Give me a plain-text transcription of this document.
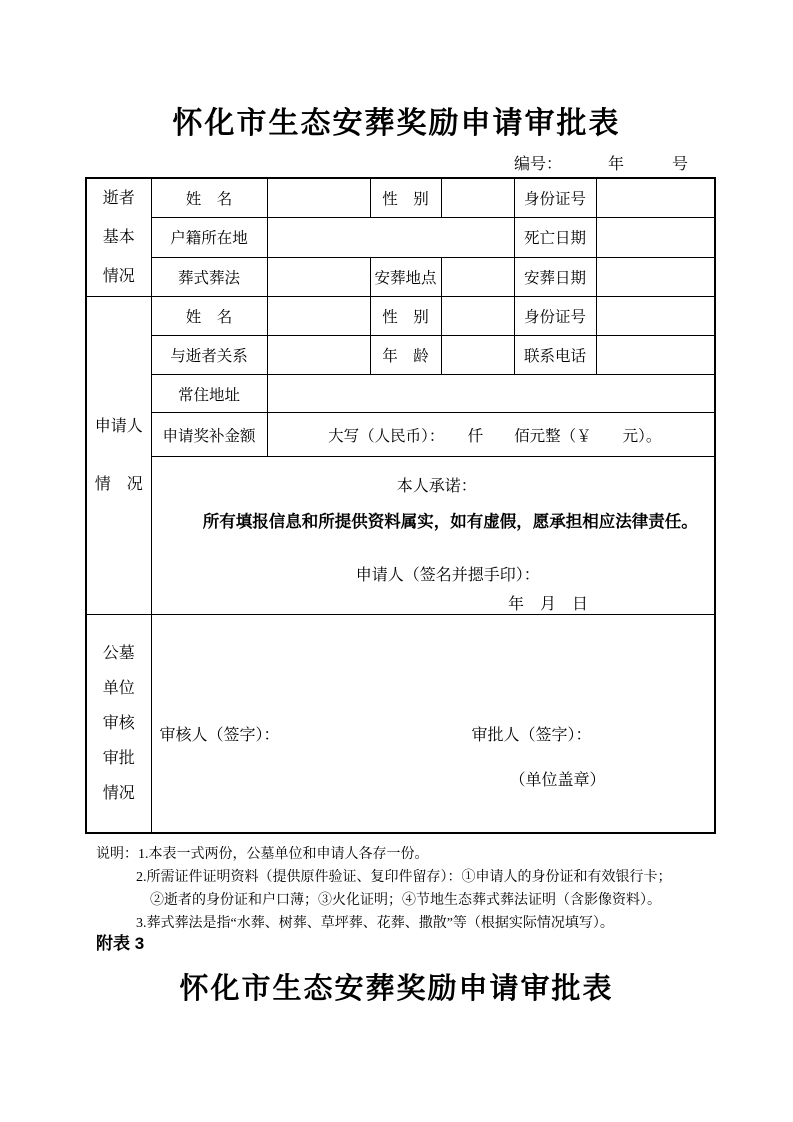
怀化市生态安葬奖励申请审批表
编号：	年	号
逝者
基本
情况	姓　名		性　别		身份证号	
	户籍所在地				死亡日期	
	葬式葬法		安葬地点		安葬日期	

申请人
情　况	姓　名		性　别		身份证号	
	与逝者关系		年　龄		联系电话	
	常住地址					
	申请奖补金额	大写（人民币）：　　仟　　佰元整（￥　　元）。				

	本人承诺：
所有填报信息和所提供资料属实，如有虚假，愿承担相应法律责任。
申请人（签名并摁手印）：
年　月　日					

公墓
单位
审核
审批
情况

审核人（签字）：	审批人（签字）：
（单位盖章）
说明：1.本表一式两份，公墓单位和申请人各存一份。
2.所需证件证明资料（提供原件验证、复印件留存）：①申请人的身份证和有效银行卡；
②逝者的身份证和户口薄；③火化证明；④节地生态葬式葬法证明（含影像资料）。
3.葬式葬法是指“水葬、树葬、草坪葬、花葬、撒散”等（根据实际情况填写）。
附表 3
怀化市生态安葬奖励申请审批表
